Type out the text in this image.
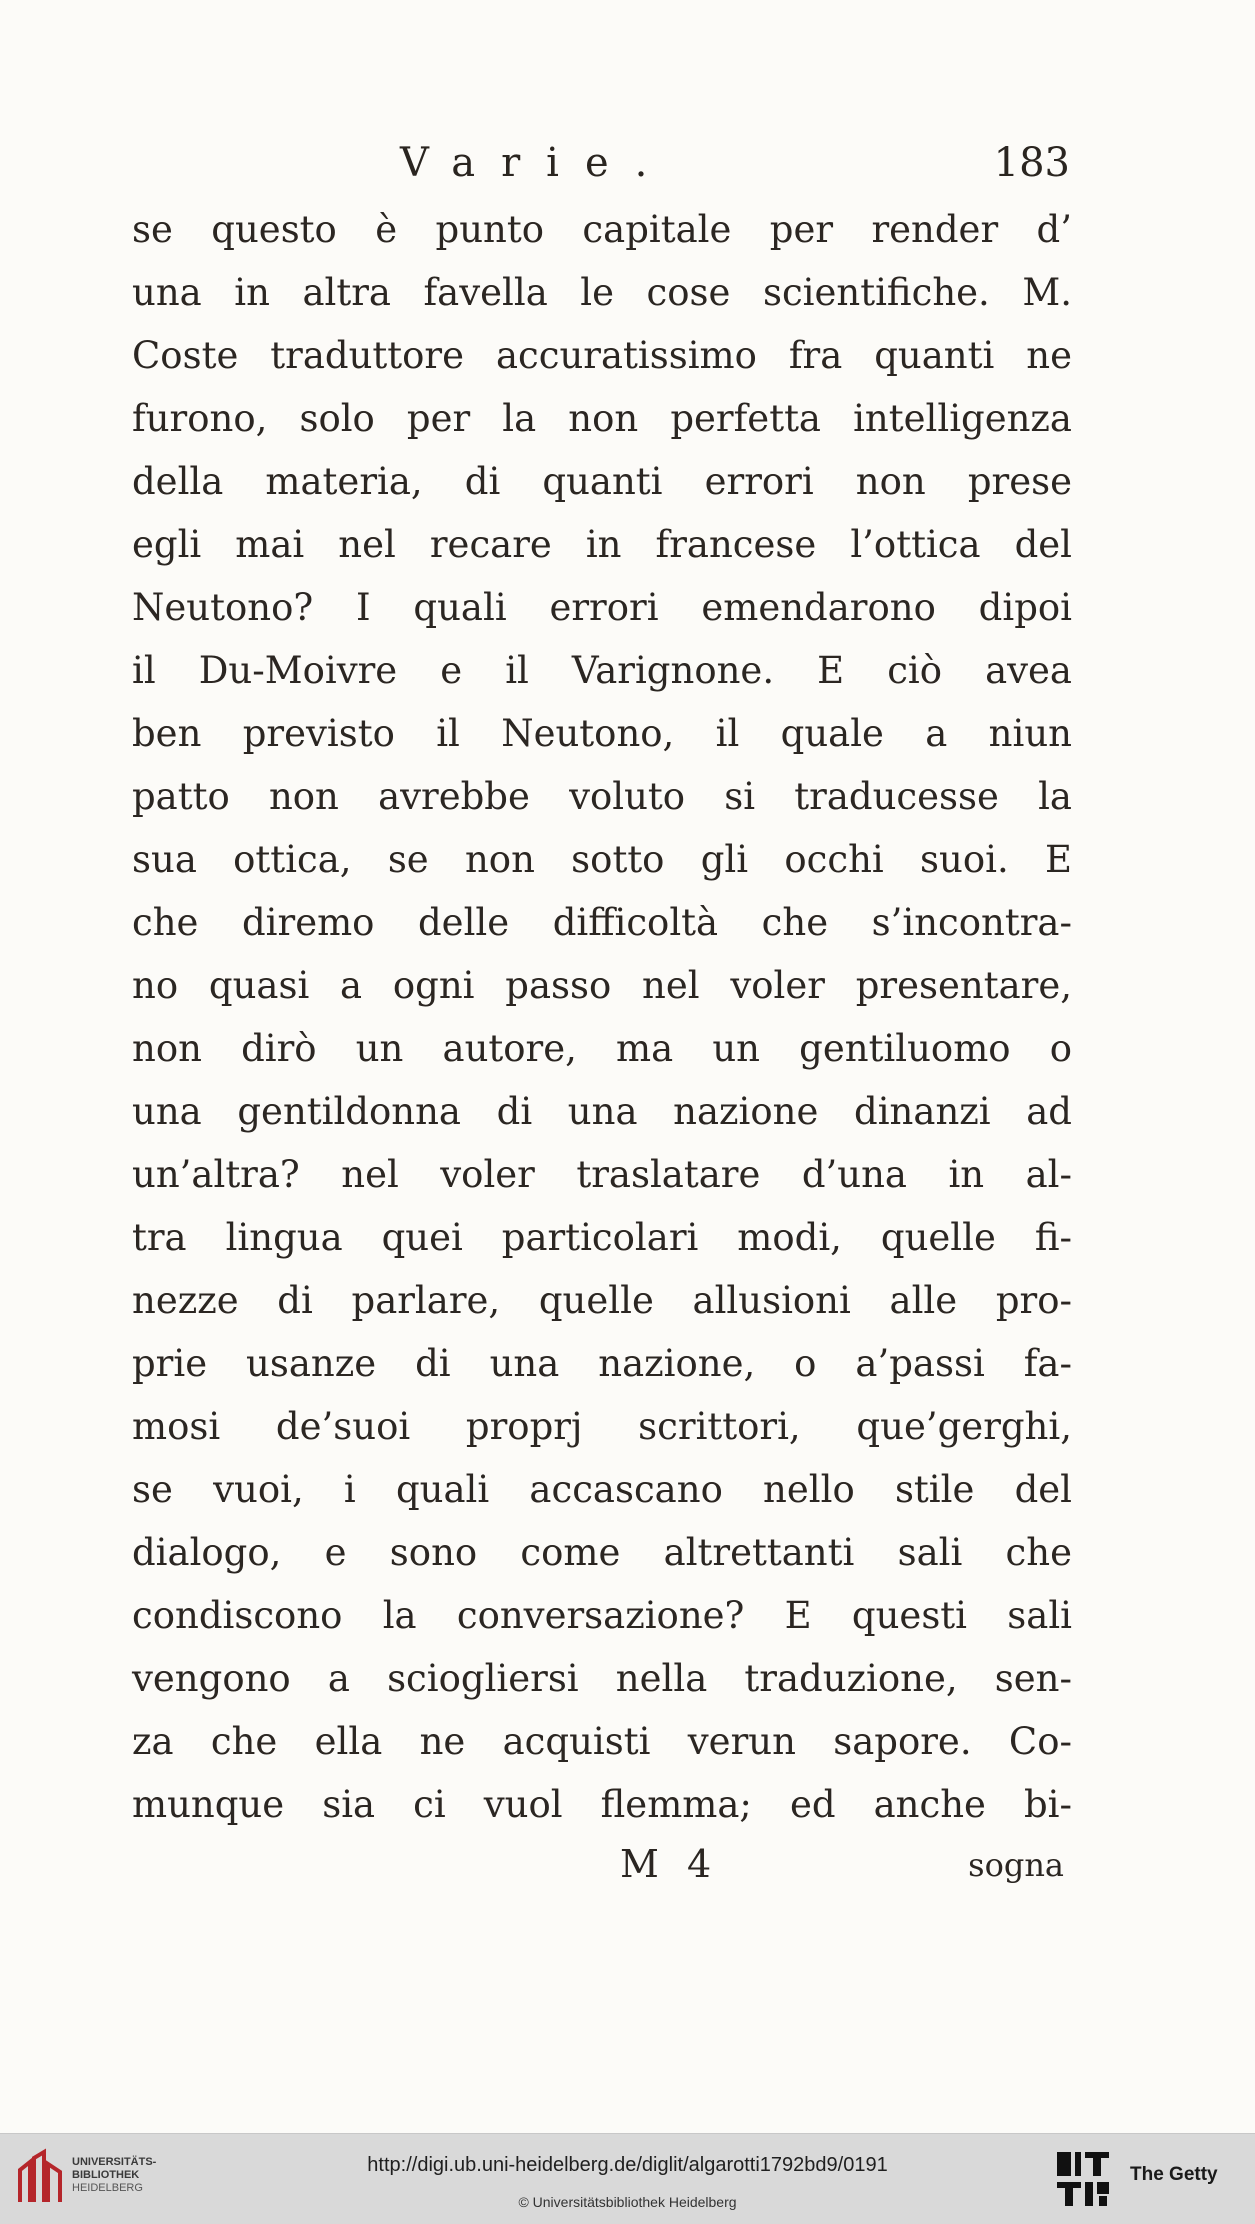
Varie.	183
se questo è punto capitale per render d’
una in altra favella le cose scientifiche. M.
Coste traduttore accuratissimo fra quanti ne
furono, solo per la non perfetta intelligenza
della materia, di quanti errori non prese
egli mai nel recare in francese l’ottica del
Neutono? I quali errori emendarono dipoi
il Du-Moivre e il Varignone. E ciò avea
ben previsto il Neutono, il quale a niun
patto non avrebbe voluto si traducesse la
sua ottica, se non sotto gli occhi suoi. E
che diremo delle difficoltà che s’incontra-
no quasi a ogni passo nel voler presentare,
non dirò un autore, ma un gentiluomo o
una gentildonna di una nazione dinanzi ad
un’altra? nel voler traslatare d’una in al-
tra lingua quei particolari modi, quelle fi-
nezze di parlare, quelle allusioni alle pro-
prie usanze di una nazione, o a’passi fa-
mosi de’suoi proprj scrittori, que’gerghi,
se vuoi, i quali accascano nello stile del
dialogo, e sono come altrettanti sali che
condiscono la conversazione? E questi sali
vengono a sciogliersi nella traduzione, sen-
za che ella ne acquisti verun sapore. Co-
munque sia ci vuol flemma; ed anche bi-
M 4	sogna
UNIVERSITÄTS-
BIBLIOTHEK
HEIDELBERG
http://digi.ub.uni-heidelberg.de/diglit/algarotti1792bd9/0191
© Universitätsbibliothek Heidelberg
The Getty
